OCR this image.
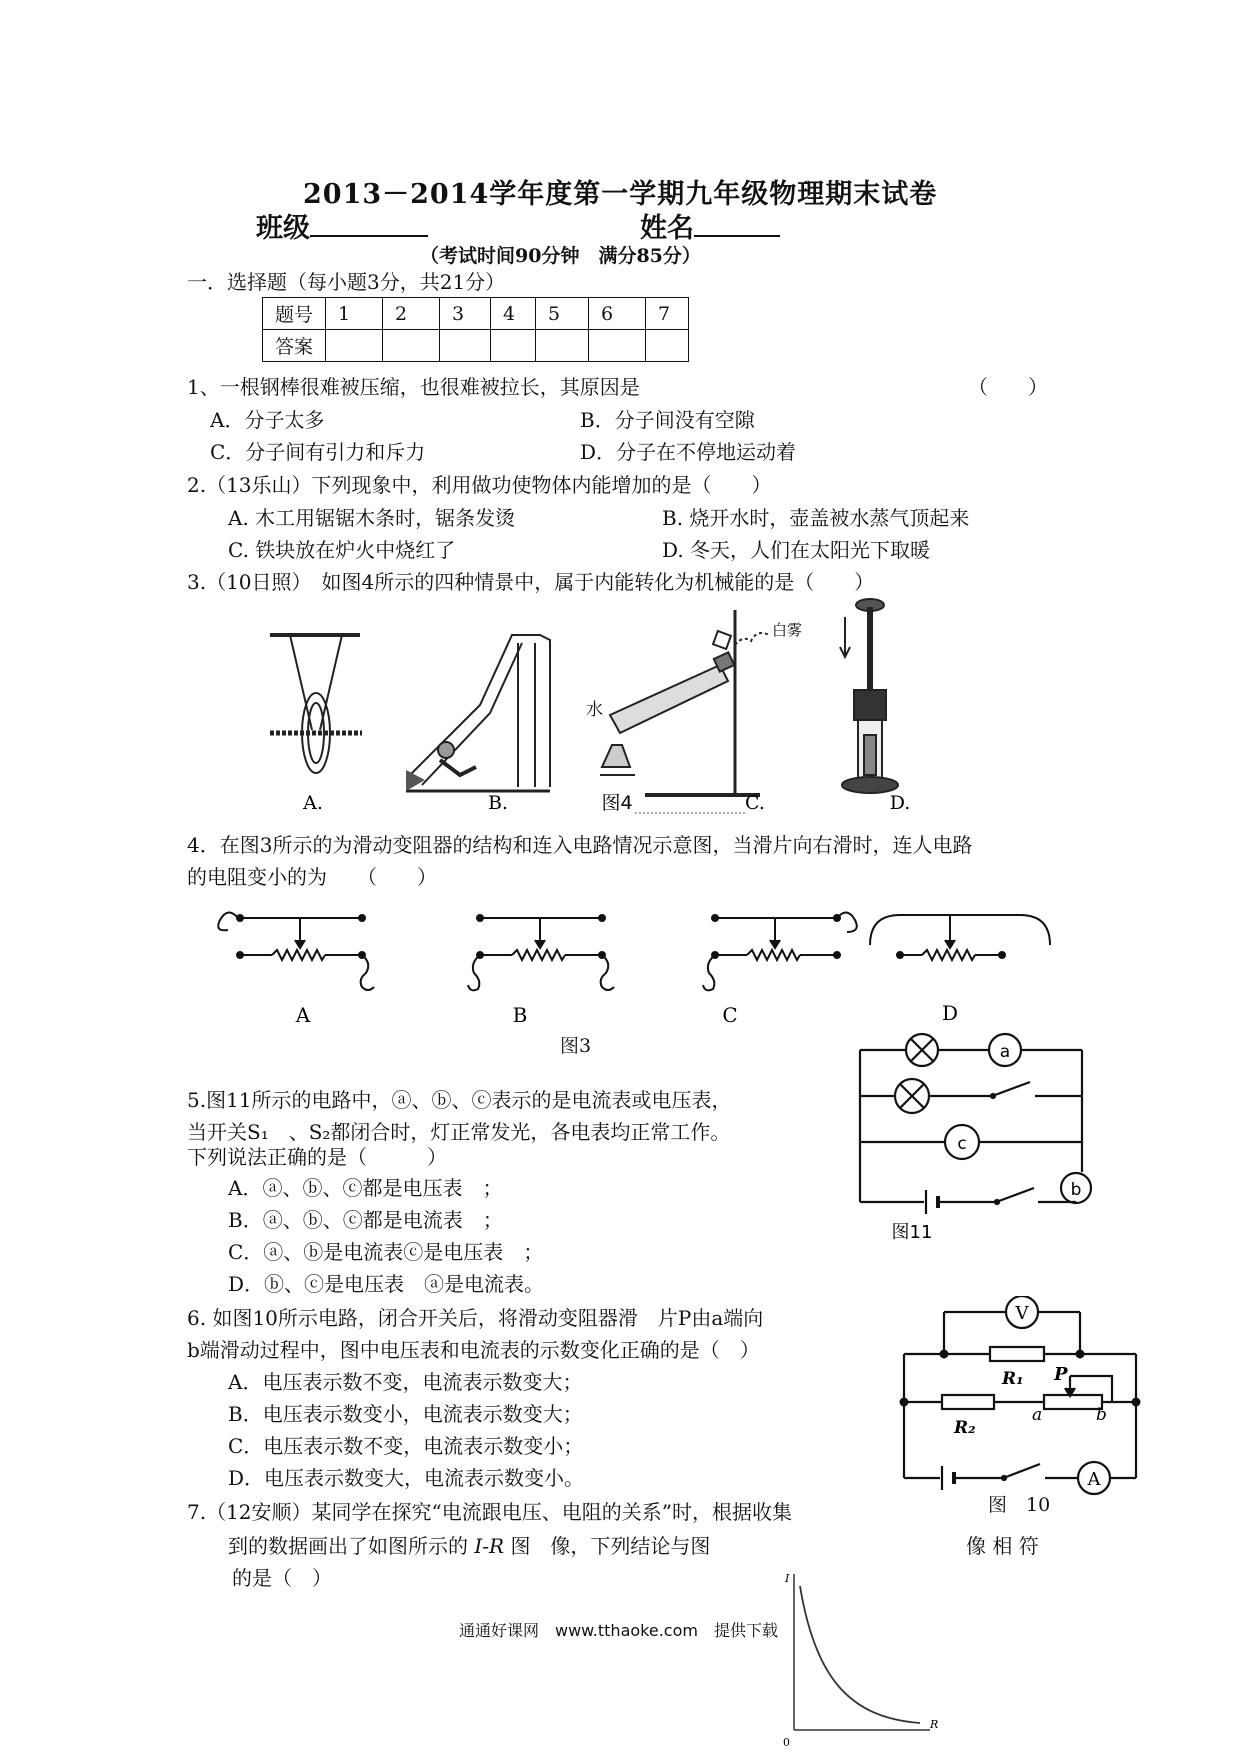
2013－2014学年度第一学期九年级物理期末试卷
班级	姓名
（考试时间90分钟　满分85分）
一．选择题（每小题3分，共21分）
题号	1	2	3	4	5	6	7
答案							
1、一根钢棒很难被压缩，也很难被拉长，其原因是	（　　）
A．分子太多	B．分子间没有空隙
C．分子间有引力和斥力	D．分子在不停地运动着
2.（13乐山）下列现象中，利用做功使物体内能增加的是（　　）
A. 木工用锯锯木条时，锯条发烫	B. 烧开水时，壶盖被水蒸气顶起来
C. 铁块放在炉火中烧红了	D. 冬天，人们在太阳光下取暖
3.（10日照）　如图4所示的四种情景中，属于内能转化为机械能的是（　　）
水
白雾
A.	B.	图4	C.	D.
4．在图3所示的为滑动变阻器的结构和连入电路情况示意图，当滑片向右滑时，连人电路
的电阻变小的为　　（　　）
A	B	C	D
图3
5.图11所示的电路中，ⓐ、ⓑ、ⓒ表示的是电流表或电压表，
当开关S₁　、S₂都闭合时，灯正常发光，各电表均正常工作。
下列说法正确的是（　　　）
A．ⓐ、ⓑ、ⓒ都是电压表　；
B．ⓐ、ⓑ、ⓒ都是电流表　；
C．ⓐ、ⓑ是电流表ⓒ是电压表　；
D．ⓑ、ⓒ是电压表　ⓐ是电流表。
a
b
c
图11
6. 如图10所示电路，闭合开关后，将滑动变阻器滑　片P由a端向
b端滑动过程中，图中电压表和电流表的示数变化正确的是（　）
A．电压表示数不变，电流表示数变大；
B．电压表示数变小，电流表示数变大；
C．电压表示数不变，电流表示数变小；
D．电压表示数变大，电流表示数变小。
V
A
R₁
R₂
P
a	b
图　10
7.（12安顺）某同学在探究“电流跟电压、电阻的关系”时，根据收集
到的数据画出了如图所示的 I-R 图　像，下列结论与图	像 相 符
的是（　）	I
R
0
通通好课网　www.tthaoke.com　提供下载
